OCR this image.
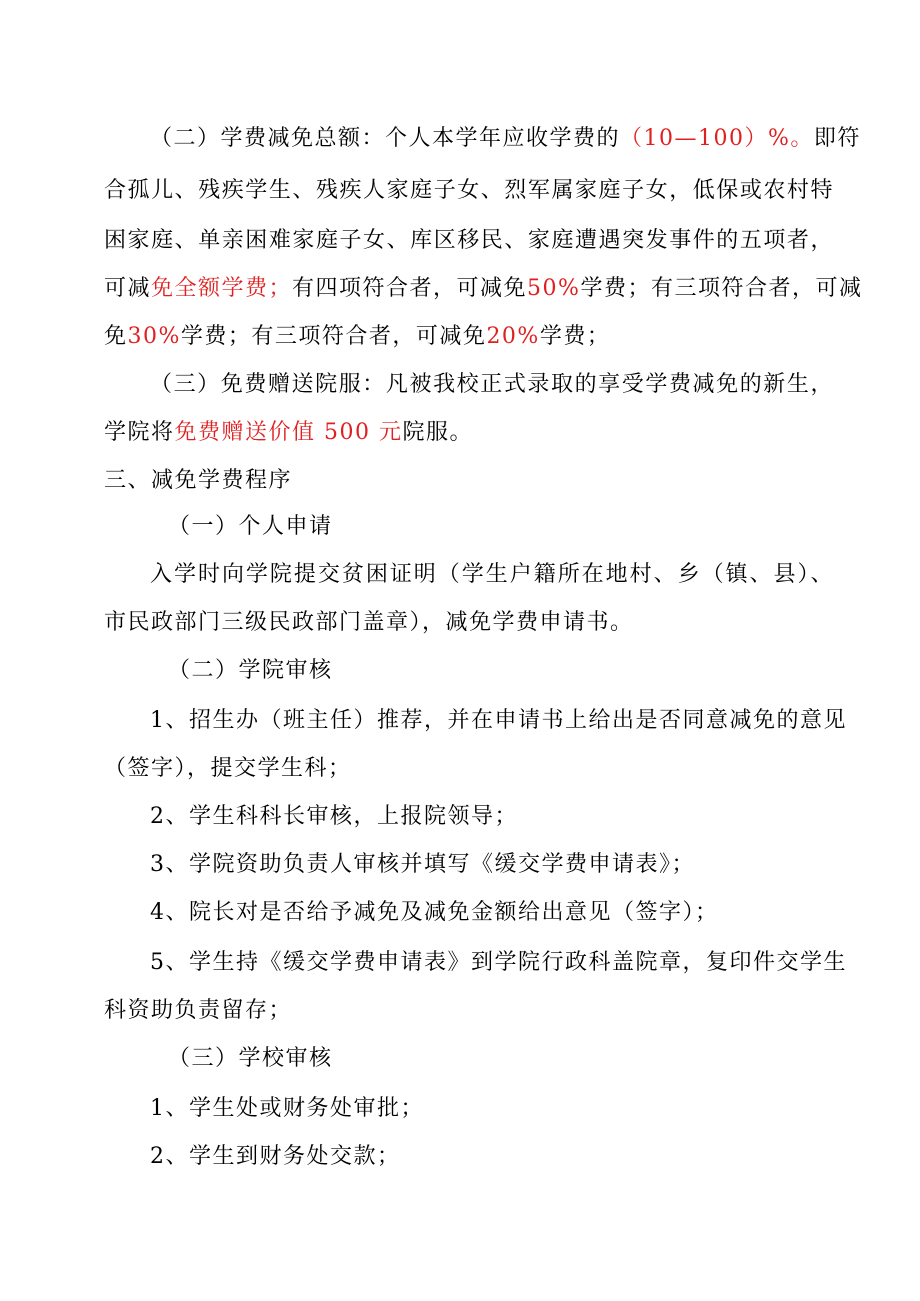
（二）学费减免总额：个人本学年应收学费的（10—100）%。即符
合孤儿、残疾学生、残疾人家庭子女、烈军属家庭子女，低保或农村特
困家庭、单亲困难家庭子女、库区移民、家庭遭遇突发事件的五项者，
可减免全额学费；有四项符合者，可减免50%学费；有三项符合者，可减
免30%学费；有三项符合者，可减免20%学费；
（三）免费赠送院服：凡被我校正式录取的享受学费减免的新生，
学院将免费赠送价值 500 元院服。
三、减免学费程序
（一）个人申请
入学时向学院提交贫困证明（学生户籍所在地村、乡（镇、县）、
市民政部门三级民政部门盖章），减免学费申请书。
（二）学院审核
1、招生办（班主任）推荐，并在申请书上给出是否同意减免的意见
（签字），提交学生科；
2、学生科科长审核，上报院领导；
3、学院资助负责人审核并填写《缓交学费申请表》；
4、院长对是否给予减免及减免金额给出意见（签字）；
5、学生持《缓交学费申请表》到学院行政科盖院章，复印件交学生
科资助负责留存；
（三）学校审核
1、学生处或财务处审批；
2、学生到财务处交款；
